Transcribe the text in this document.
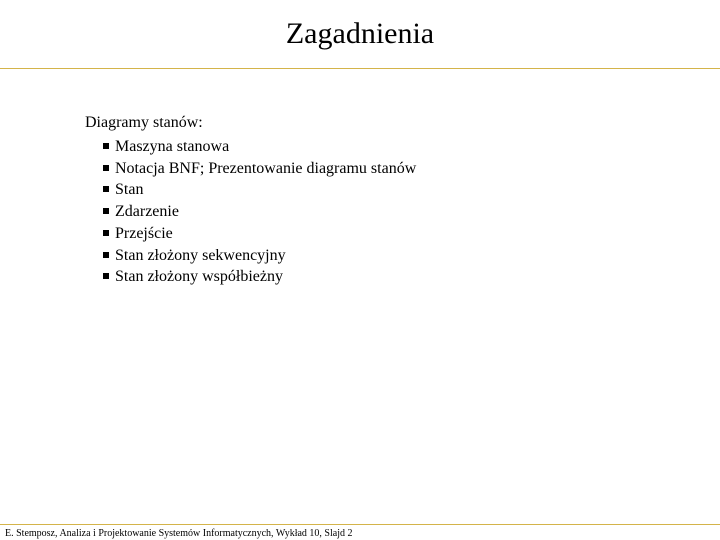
Zagadnienia
Diagramy stanów:
Maszyna stanowa
Notacja BNF; Prezentowanie diagramu stanów
Stan
Zdarzenie
Przejście
Stan złożony sekwencyjny
Stan złożony współbieżny
E. Stemposz, Analiza i Projektowanie Systemów Informatycznych, Wykład 10, Slajd 2
